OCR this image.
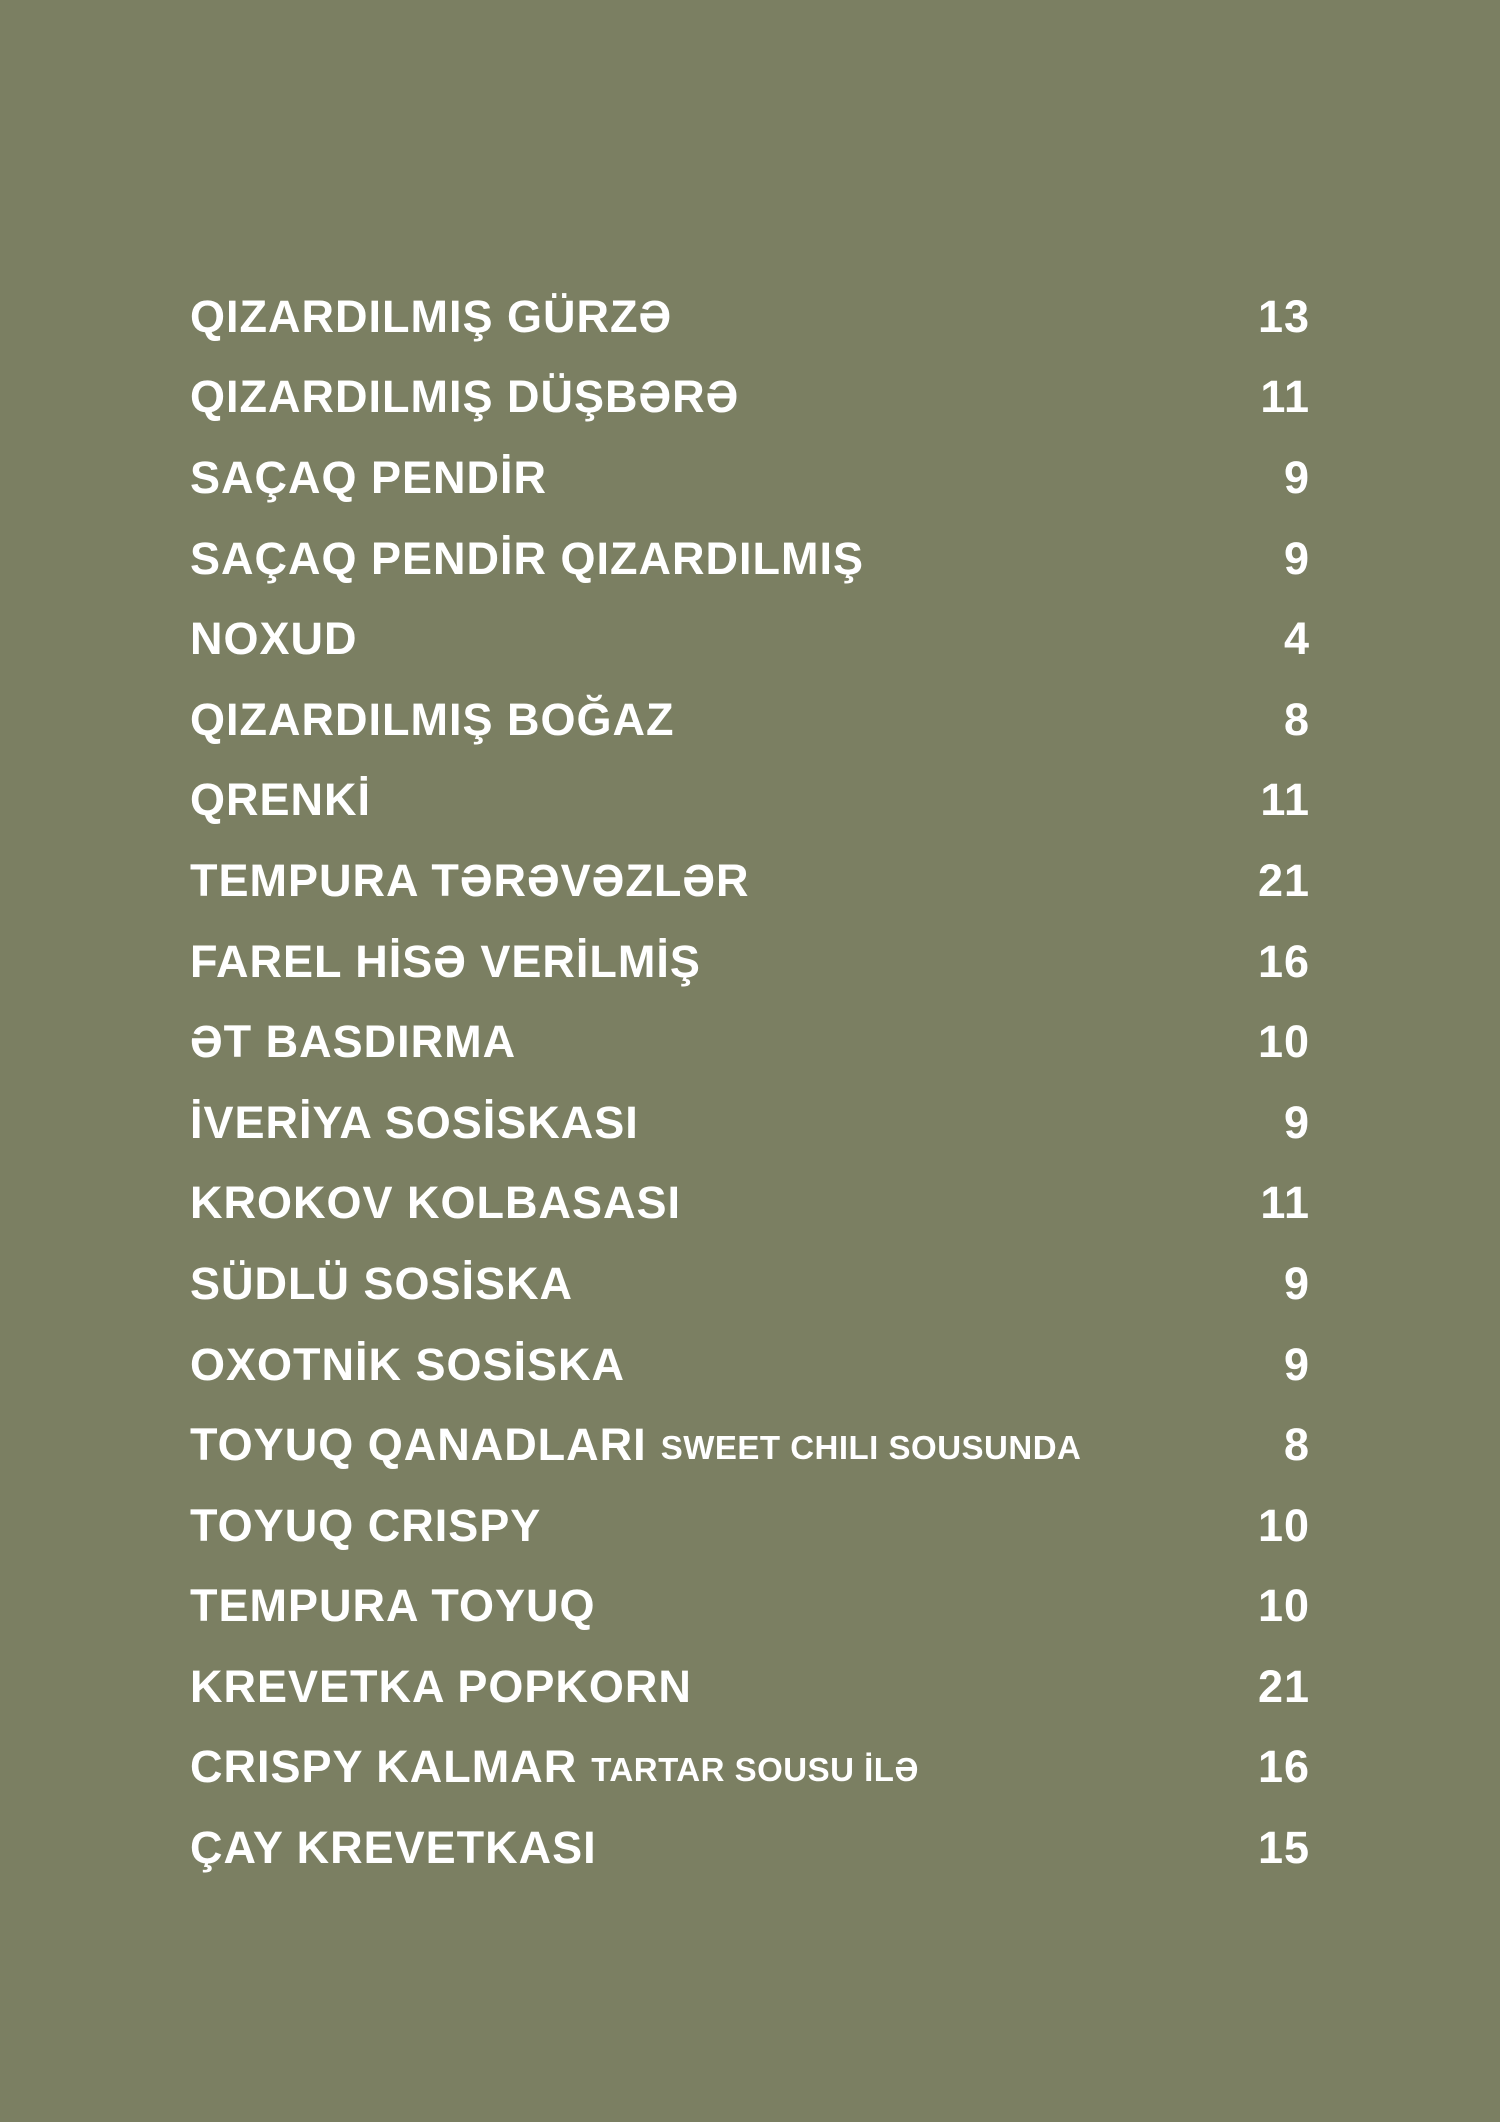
QIZARDILMIŞ GÜRZƏ	13
QIZARDILMIŞ DÜŞBƏRƏ	11
SAÇAQ PENDİR	9
SAÇAQ PENDİR QIZARDILMIŞ	9
NOXUD	4
QIZARDILMIŞ BOĞAZ	8
QRENKİ	11
TEMPURA TƏRƏVƏZLƏR	21
FAREL HİSƏ VERİLMİŞ	16
ƏT BASDIRMA	10
İVERİYA SOSİSKASI	9
KROKOV KOLBASASI	11
SÜDLÜ SOSİSKA	9
OXOTNİK SOSİSKA	9
TOYUQ QANADLARI SWEET CHILI SOUSUNDA	8
TOYUQ CRISPY	10
TEMPURA TOYUQ	10
KREVETKA POPKORN	21
CRISPY KALMAR TARTAR SOUSU İLƏ	16
ÇAY KREVETKASI	15
